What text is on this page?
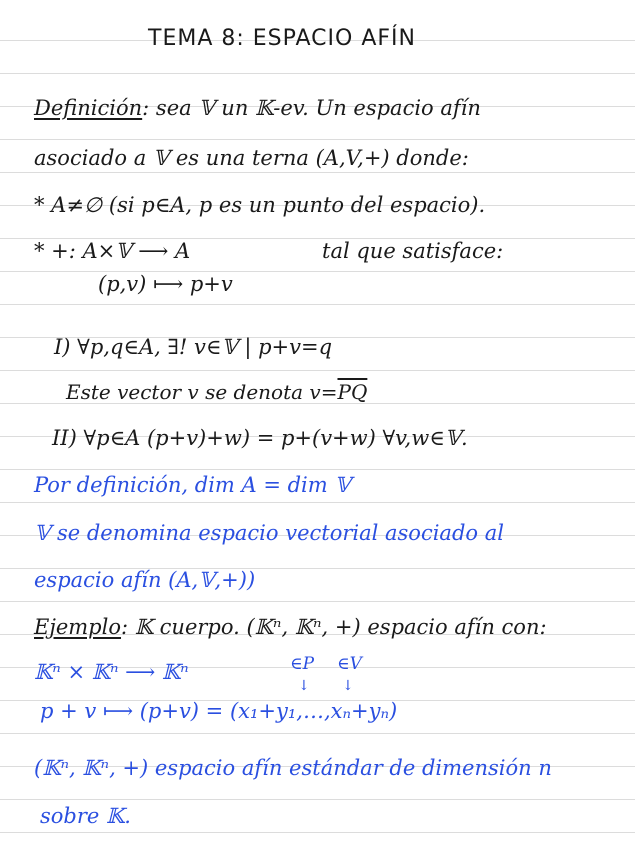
TEMA 8: ESPACIO AFÍN
Definición: sea 𝕍 un 𝕂-ev. Un espacio afín
asociado a 𝕍 es una terna (A,V,+) donde:
* A≠∅ (si p∈A, p es un punto del espacio).
* +: A×𝕍 ⟶ A	tal que satisface:
(p,v) ⟼ p+v
I) ∀p,q∈A, ∃! v∈𝕍 | p+v=q
Este vector v se denota $v=\overline{PQ}$
II) ∀p∈A (p+v)+w) = p+(v+w) ∀v,w∈𝕍.
Por definición, dim A = dim 𝕍
𝕍 se denomina espacio vectorial asociado al
espacio afín (A,𝕍,+))
Ejemplo: 𝕂 cuerpo. (𝕂ⁿ, 𝕂ⁿ, +) espacio afín con:
𝕂ⁿ × 𝕂ⁿ ⟶ 𝕂ⁿ	∈P ∈V
↓ ↓
p + v ⟼ (p+v) = (x₁+y₁,…,xₙ+yₙ)
(𝕂ⁿ, 𝕂ⁿ, +) espacio afín estándar de dimensión n
sobre 𝕂.
